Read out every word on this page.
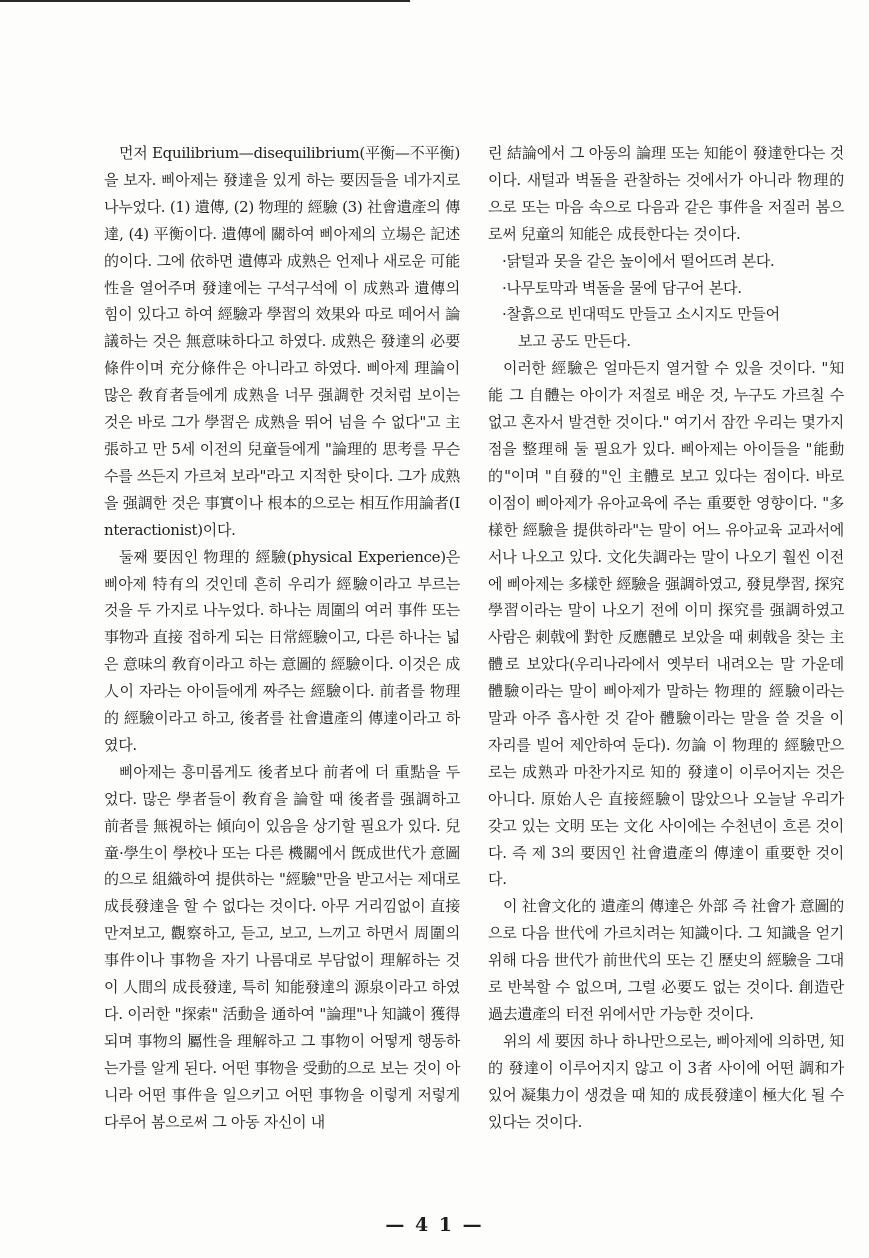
먼저 Equilibrium—disequilibrium(平衡—不平衡)을 보자. 삐아제는 發達을 있게 하는 要因들을 네가지로 나누었다. (1) 遺傳, (2) 物理的 經驗 (3) 社會遺產의 傳達, (4) 平衡이다. 遺傳에 關하여 삐아제의 立場은 記述的이다. 그에 依하면 遺傳과 成熟은 언제나 새로운 可能性을 열어주며 發達에는 구석구석에 이 成熟과 遺傳의 힘이 있다고 하여 經驗과 學習의 效果와 따로 떼어서 論議하는 것은 無意味하다고 하였다. 成熟은 發達의 必要條件이며 充分條件은 아니라고 하였다. 삐아제 理論이 많은 敎育者들에게 成熟을 너무 强調한 것처럼 보이는 것은 바로 그가 學習은 成熟을 뛰어 넘을 수 없다"고 主張하고 만 5세 이전의 兒童들에게 "論理的 思考를 무슨 수를 쓰든지 가르쳐 보라"라고 지적한 탓이다. 그가 成熟을 强調한 것은 事實이나 根本的으로는 相互作用論者(Interactionist)이다.

둘째 要因인 物理的 經驗(physical Experience)은 삐아제 特有의 것인데 흔히 우리가 經驗이라고 부르는 것을 두 가지로 나누었다. 하나는 周圍의 여러 事件 또는 事物과 直接 접하게 되는 日常經驗이고, 다른 하나는 넓은 意味의 敎育이라고 하는 意圖的 經驗이다. 이것은 成人이 자라는 아이들에게 짜주는 經驗이다. 前者를 物理的 經驗이라고 하고, 後者를 社會遺產의 傳達이라고 하였다.

삐아제는 흥미롭게도 後者보다 前者에 더 重點을 두었다. 많은 學者들이 敎育을 論할 때 後者를 强調하고 前者를 無視하는 傾向이 있음을 상기할 필요가 있다. 兒童·學生이 學校나 또는 다른 機關에서 旣成世代가 意圖的으로 組織하여 提供하는 "經驗"만을 받고서는 제대로 成長發達을 할 수 없다는 것이다. 아무 거리낌없이 直接 만져보고, 觀察하고, 듣고, 보고, 느끼고 하면서 周圍의 事件이나 事物을 자기 나름대로 부담없이 理解하는 것이 人間의 成長發達, 특히 知能發達의 源泉이라고 하였다. 이러한 "探索" 活動을 通하여 "論理"나 知識이 獲得되며 事物의 屬性을 理解하고 그 事物이 어떻게 행동하는가를 알게 된다. 어떤 事物을 受動的으로 보는 것이 아니라 어떤 事件을 일으키고 어떤 事物을 이렇게 저렇게 다루어 봄으로써 그 아동 자신이 내

린 結論에서 그 아동의 論理 또는 知能이 發達한다는 것이다. 새털과 벽돌을 관찰하는 것에서가 아니라 物理的으로 또는 마음 속으로 다음과 같은 事件을 저질러 봄으로써 兒童의 知能은 成長한다는 것이다.

·닭털과 못을 같은 높이에서 떨어뜨려 본다.
·나무토막과 벽돌을 물에 담구어 본다.
·찰흙으로 빈대떡도 만들고 소시지도 만들어
보고 공도 만든다.

이러한 經驗은 얼마든지 열거할 수 있을 것이다. "知能 그 自體는 아이가 저절로 배운 것, 누구도 가르칠 수 없고 혼자서 발견한 것이다." 여기서 잠깐 우리는 몇가지 점을 整理해 둘 필요가 있다. 삐아제는 아이들을 "能動的"이며 "自發的"인 主體로 보고 있다는 점이다. 바로 이점이 삐아제가 유아교육에 주는 重要한 영향이다. "多樣한 經驗을 提供하라"는 말이 어느 유아교육 교과서에서나 나오고 있다. 文化失調라는 말이 나오기 훨씬 이전에 삐아제는 多樣한 經驗을 强調하였고, 發見學習, 探究學習이라는 말이 나오기 전에 이미 探究를 强調하였고 사람은 刺戟에 對한 反應體로 보았을 때 刺戟을 찾는 主體로 보았다(우리나라에서 옛부터 내려오는 말 가운데 體驗이라는 말이 삐아제가 말하는 物理的 經驗이라는 말과 아주 흡사한 것 같아 體驗이라는 말을 쓸 것을 이 자리를 빌어 제안하여 둔다). 勿論 이 物理的 經驗만으로는 成熟과 마찬가지로 知的 發達이 이루어지는 것은 아니다. 原始人은 直接經驗이 많았으나 오늘날 우리가 갖고 있는 文明 또는 文化 사이에는 수천년이 흐른 것이다. 즉 제 3의 要因인 社會遺產의 傳達이 重要한 것이다.

이 社會文化的 遺產의 傳達은 外部 즉 社會가 意圖的으로 다음 世代에 가르치려는 知識이다. 그 知識을 얻기 위해 다음 世代가 前世代의 또는 긴 歷史의 經驗을 그대로 반복할 수 없으며, 그럴 必要도 없는 것이다. 創造란 過去遺產의 터전 위에서만 가능한 것이다.

위의 세 要因 하나 하나만으로는, 삐아제에 의하면, 知的 發達이 이루어지지 않고 이 3者 사이에 어떤 調和가 있어 凝集力이 생겼을 때 知的 成長發達이 極大化 될 수 있다는 것이다.

— 4 1 —
